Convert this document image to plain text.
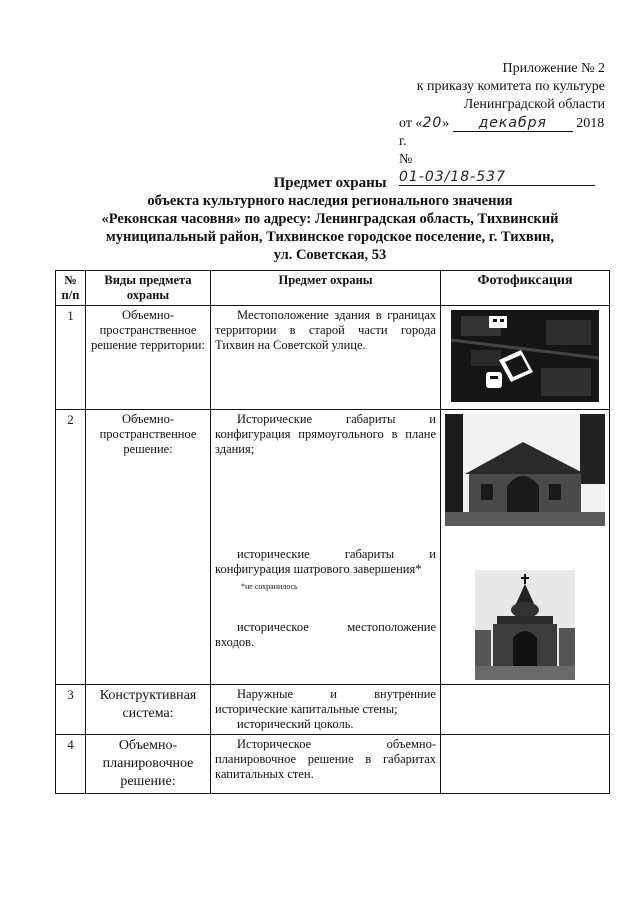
Приложение № 2
к приказу комитета по культуре
Ленинградской области
от «20» декабря 2018 г.
№ 01-03/18-537
Предмет охраны
объекта культурного наследия регионального значения
«Реконская часовня» по адресу: Ленинградская область, Тихвинский
муниципальный район, Тихвинское городское поселение, г. Тихвин,
ул. Советская, 53
№ п/п	Виды предмета охраны	Предмет охраны	Фотофиксация
1	Объемно-пространственное решение территории:	Местоположение здания в границах территории в старой части города Тихвин на Советской улице.

2	Объемно-пространственное решение:	Исторические габариты и конфигурация прямоугольного в плане здания;

исторические габариты и конфигурация шатрового завершения*

*не сохранилось

историческое местоположение входов.

3	Конструктивная система:	Наружные и внутренние исторические капитальные стены;

исторический цоколь.	

4	Объемно-планировочное решение:	Историческое объемно-планировочное решение в габаритах капитальных стен.	
